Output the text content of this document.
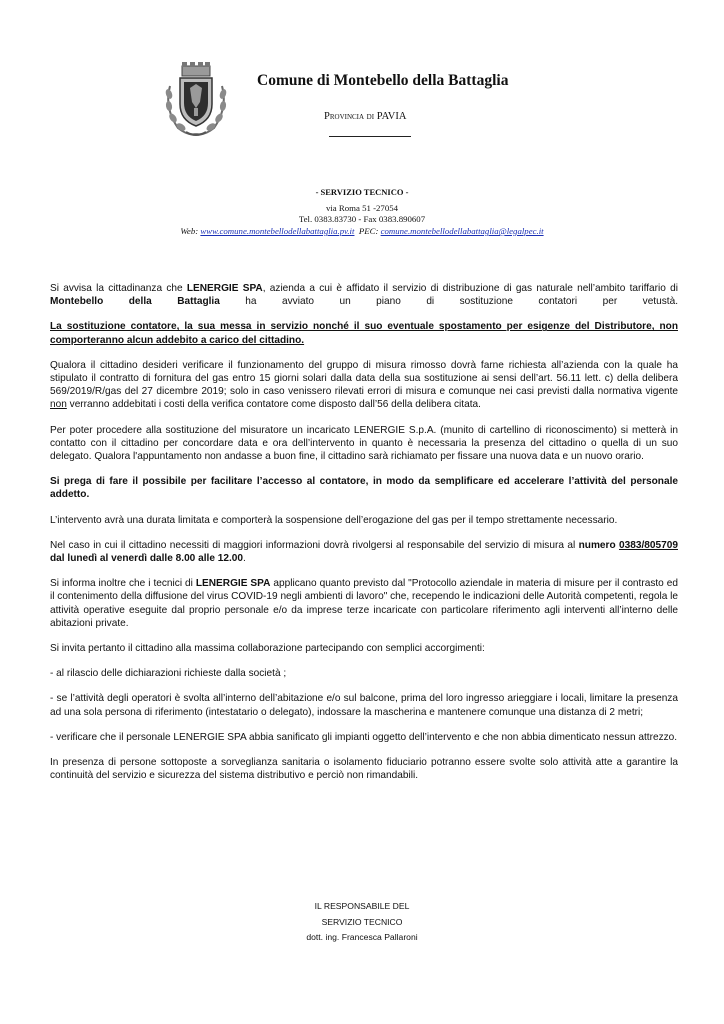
Comune di Montebello della Battaglia
Provincia di PAVIA
- SERVIZIO TECNICO -
via Roma 51 -27054
Tel. 0383.83730 - Fax 0383.890607
Web: www.comune.montebellodellabattaglia.pv.it PEC: comune.montebellodellabattaglia@legalpec.it

Si avvisa la cittadinanza che LENERGIE SPA, azienda a cui è affidato il servizio di distribuzione di gas naturale nell’ambito tariffario di Montebello della Battaglia ha avviato un piano di sostituzione contatori per vetustà.

La sostituzione contatore, la sua messa in servizio nonché il suo eventuale spostamento per esigenze del Distributore, non comporteranno alcun addebito a carico del cittadino.

Qualora il cittadino desideri verificare il funzionamento del gruppo di misura rimosso dovrà farne richiesta all’azienda con la quale ha stipulato il contratto di fornitura del gas entro 15 giorni solari dalla data della sua sostituzione ai sensi dell’art. 56.11 lett. c) della delibera 569/2019/R/gas del 27 dicembre 2019; solo in caso venissero rilevati errori di misura e comunque nei casi previsti dalla normativa vigente non verranno addebitati i costi della verifica contatore come disposto dall’56 della delibera citata.

Per poter procedere alla sostituzione del misuratore un incaricato LENERGIE S.p.A. (munito di cartellino di riconoscimento) si metterà in contatto con il cittadino per concordare data e ora dell’intervento in quanto è necessaria la presenza del cittadino o quella di un suo delegato. Qualora l'appuntamento non andasse a buon fine, il cittadino sarà richiamato per fissare una nuova data e un nuovo orario.

Si prega di fare il possibile per facilitare l’accesso al contatore, in modo da semplificare ed accelerare l’attività del personale addetto.

L’intervento avrà una durata limitata e comporterà la sospensione dell’erogazione del gas per il tempo strettamente necessario.

Nel caso in cui il cittadino necessiti di maggiori informazioni dovrà rivolgersi al responsabile del servizio di misura al numero 0383/805709 dal lunedì al venerdì dalle 8.00 alle 12.00.

Si informa inoltre che i tecnici di LENERGIE SPA applicano quanto previsto dal "Protocollo aziendale in materia di misure per il contrasto ed il contenimento della diffusione del virus COVID-19 negli ambienti di lavoro" che, recependo le indicazioni delle Autorità competenti, regola le attività operative eseguite dal proprio personale e/o da imprese terze incaricate con particolare riferimento agli interventi all’interno delle abitazioni private.

Si invita pertanto il cittadino alla massima collaborazione partecipando con semplici accorgimenti:

- al rilascio delle dichiarazioni richieste dalla società ;

- se l’attività degli operatori è svolta all’interno dell’abitazione e/o sul balcone, prima del loro ingresso arieggiare i locali, limitare la presenza ad una sola persona di riferimento (intestatario o delegato), indossare la mascherina e mantenere comunque una distanza di 2 metri;

- verificare che il personale LENERGIE SPA abbia sanificato gli impianti oggetto dell’intervento e che non abbia dimenticato nessun attrezzo.

In presenza di persone sottoposte a sorveglianza sanitaria o isolamento fiduciario potranno essere svolte solo attività atte a garantire la continuità del servizio e sicurezza del sistema distributivo e perciò non rimandabili.

IL RESPONSABILE DEL
SERVIZIO TECNICO
dott. ing. Francesca Pallaroni
